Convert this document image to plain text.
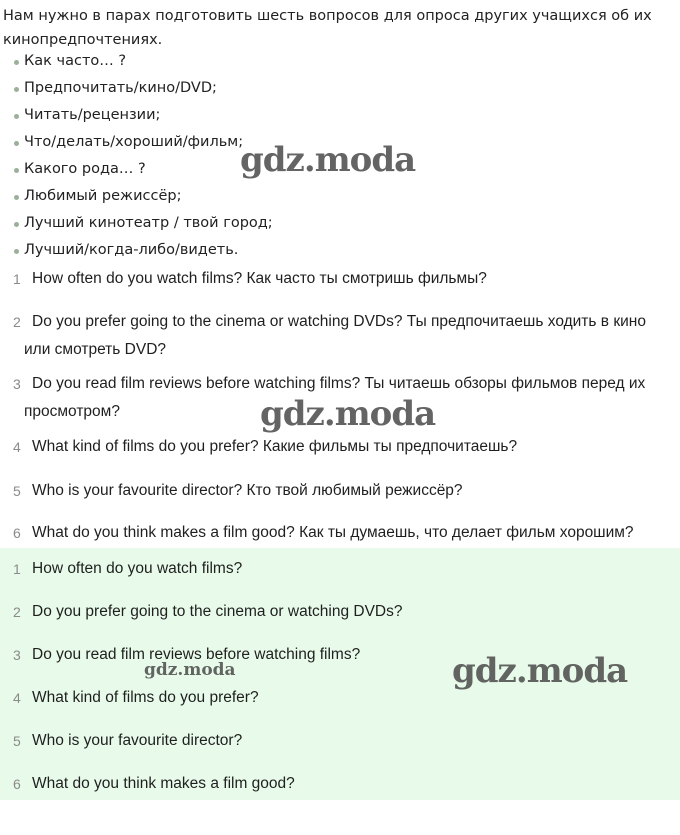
Нам нужно в парах подготовить шесть вопросов для опроса других учащихся об их кинопредпочтениях.
Как часто… ?
Предпочитать/кино/DVD;
Читать/рецензии;
Что/делать/хороший/фильм;
Какого рода… ?
Любимый режиссёр;
Лучший кинотеатр / твой город;
Лучший/когда-либо/видеть.
1 How often do you watch films? Как часто ты смотришь фильмы?
2 Do you prefer going to the cinema or watching DVDs? Ты предпочитаешь ходить в кино или смотреть DVD?
3 Do you read film reviews before watching films? Ты читаешь обзоры фильмов перед их просмотром?
4 What kind of films do you prefer? Какие фильмы ты предпочитаешь?
5 Who is your favourite director? Кто твой любимый режиссёр?
6 What do you think makes a film good? Как ты думаешь, что делает фильм хорошим?
1 How often do you watch films?
2 Do you prefer going to the cinema or watching DVDs?
3 Do you read film reviews before watching films?
4 What kind of films do you prefer?
5 Who is your favourite director?
6 What do you think makes a film good?
gdz.moda
gdz.moda
gdz.moda
gdz.moda
